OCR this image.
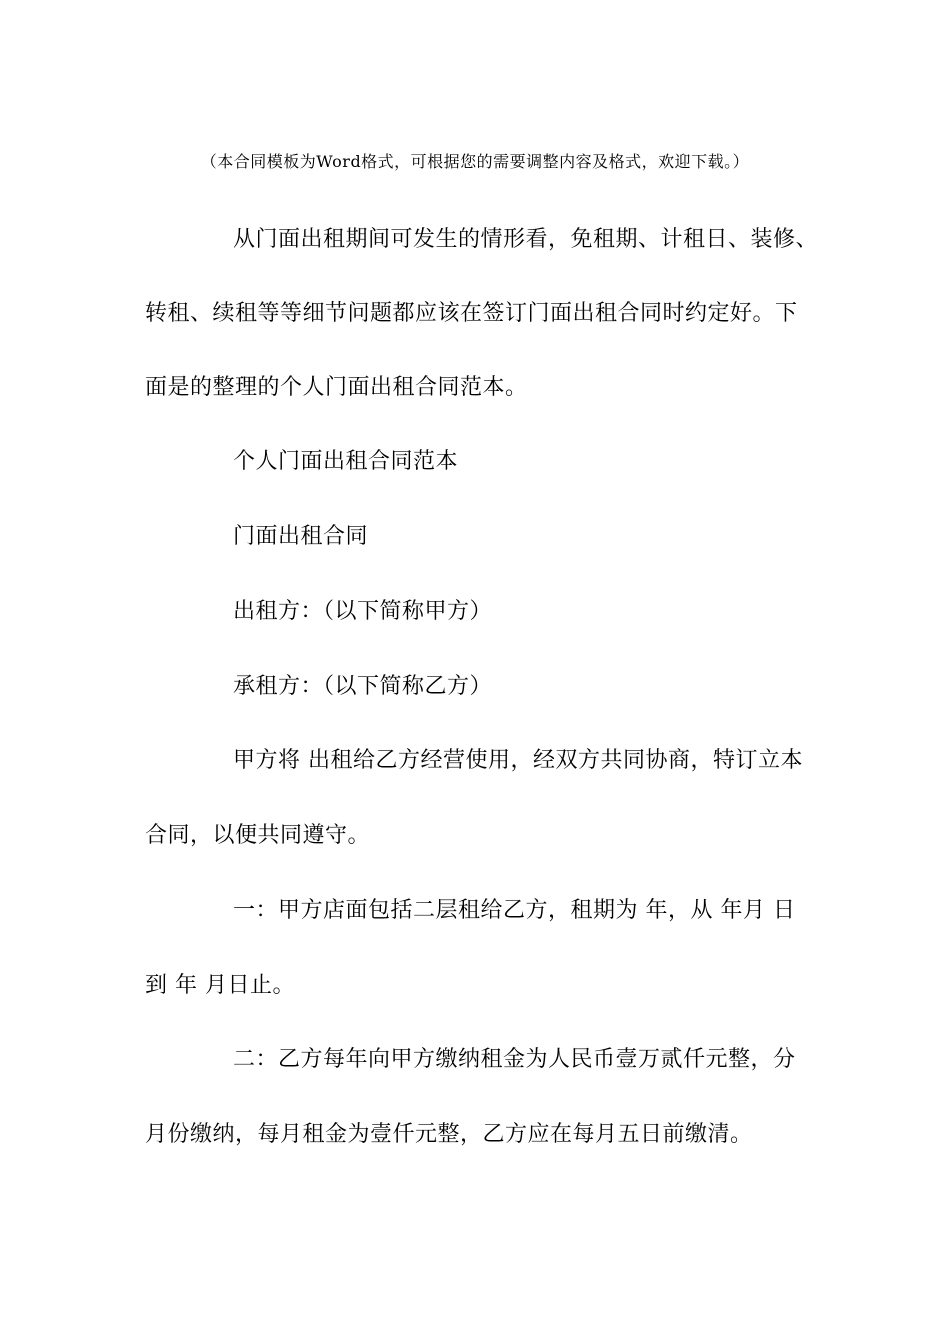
（本合同模板为Word格式，可根据您的需要调整内容及格式，欢迎下载。）
从门面出租期间可发生的情形看，免租期、计租日、装修、
转租、续租等等细节问题都应该在签订门面出租合同时约定好。下
面是的整理的个人门面出租合同范本。
个人门面出租合同范本
门面出租合同
出租方：（以下简称甲方）
承租方：（以下简称乙方）
甲方将 出租给乙方经营使用，经双方共同协商，特订立本
合同，以便共同遵守。
一：甲方店面包括二层租给乙方，租期为 年，从 年月 日
到 年 月日止。
二：乙方每年向甲方缴纳租金为人民币壹万贰仟元整，分
月份缴纳，每月租金为壹仟元整，乙方应在每月五日前缴清。
